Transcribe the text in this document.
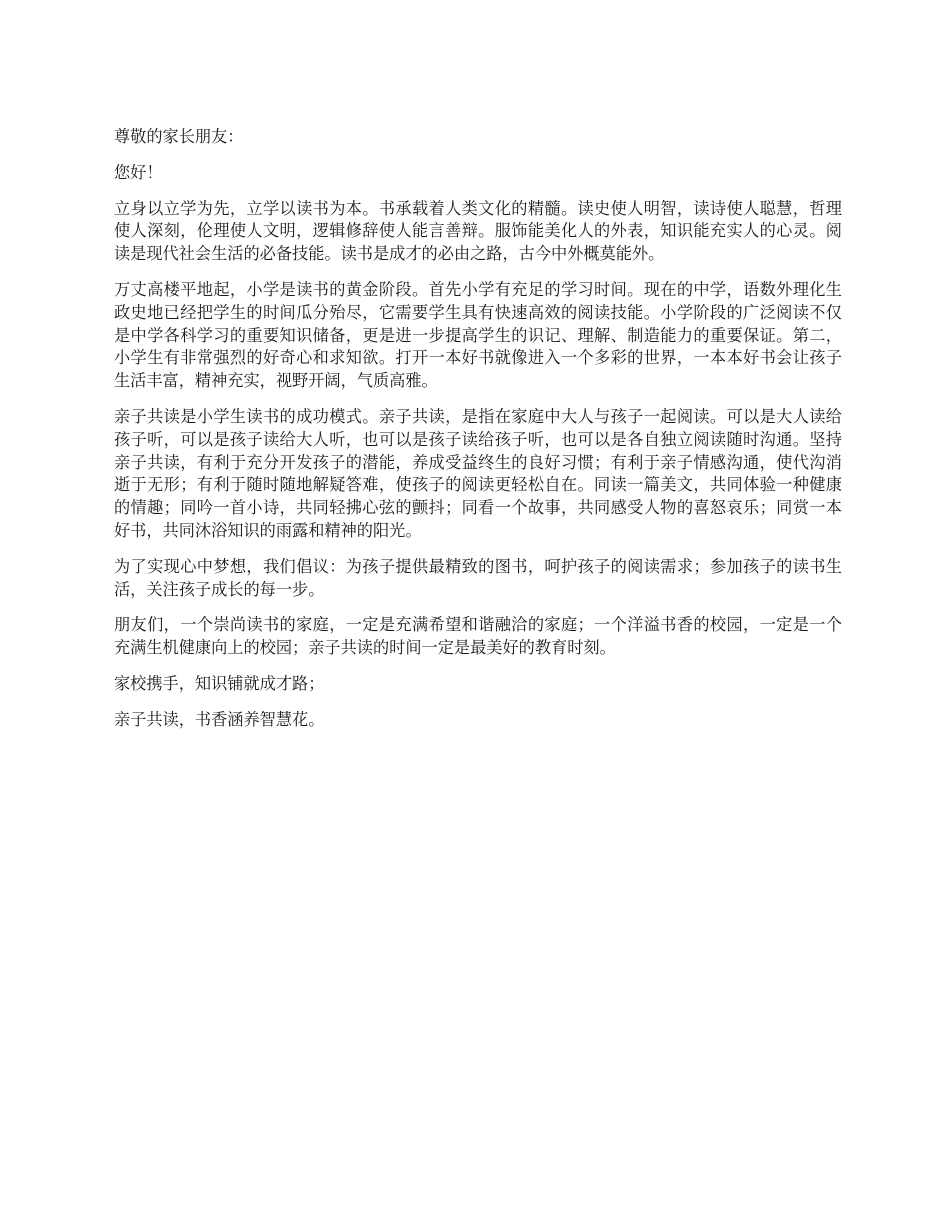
尊敬的家长朋友：

您好！

立身以立学为先，立学以读书为本。书承载着人类文化的精髓。读史使人明智，读诗使人聪慧，哲理使人深刻，伦理使人文明，逻辑修辞使人能言善辩。服饰能美化人的外表，知识能充实人的心灵。阅读是现代社会生活的必备技能。读书是成才的必由之路，古今中外概莫能外。

万丈高楼平地起，小学是读书的黄金阶段。首先小学有充足的学习时间。现在的中学，语数外理化生政史地已经把学生的时间瓜分殆尽，它需要学生具有快速高效的阅读技能。小学阶段的广泛阅读不仅是中学各科学习的重要知识储备，更是进一步提高学生的识记、理解、制造能力的重要保证。第二，小学生有非常强烈的好奇心和求知欲。打开一本好书就像进入一个多彩的世界，一本本好书会让孩子生活丰富，精神充实，视野开阔，气质高雅。

亲子共读是小学生读书的成功模式。亲子共读，是指在家庭中大人与孩子一起阅读。可以是大人读给孩子听，可以是孩子读给大人听，也可以是孩子读给孩子听，也可以是各自独立阅读随时沟通。坚持亲子共读，有利于充分开发孩子的潜能，养成受益终生的良好习惯；有利于亲子情感沟通，使代沟消逝于无形；有利于随时随地解疑答难，使孩子的阅读更轻松自在。同读一篇美文，共同体验一种健康的情趣；同吟一首小诗，共同轻拂心弦的颤抖；同看一个故事，共同感受人物的喜怒哀乐；同赏一本好书，共同沐浴知识的雨露和精神的阳光。

为了实现心中梦想，我们倡议：为孩子提供最精致的图书，呵护孩子的阅读需求；参加孩子的读书生活，关注孩子成长的每一步。

朋友们，一个崇尚读书的家庭，一定是充满希望和谐融洽的家庭；一个洋溢书香的校园，一定是一个充满生机健康向上的校园；亲子共读的时间一定是最美好的教育时刻。

家校携手，知识铺就成才路；

亲子共读，书香涵养智慧花。
